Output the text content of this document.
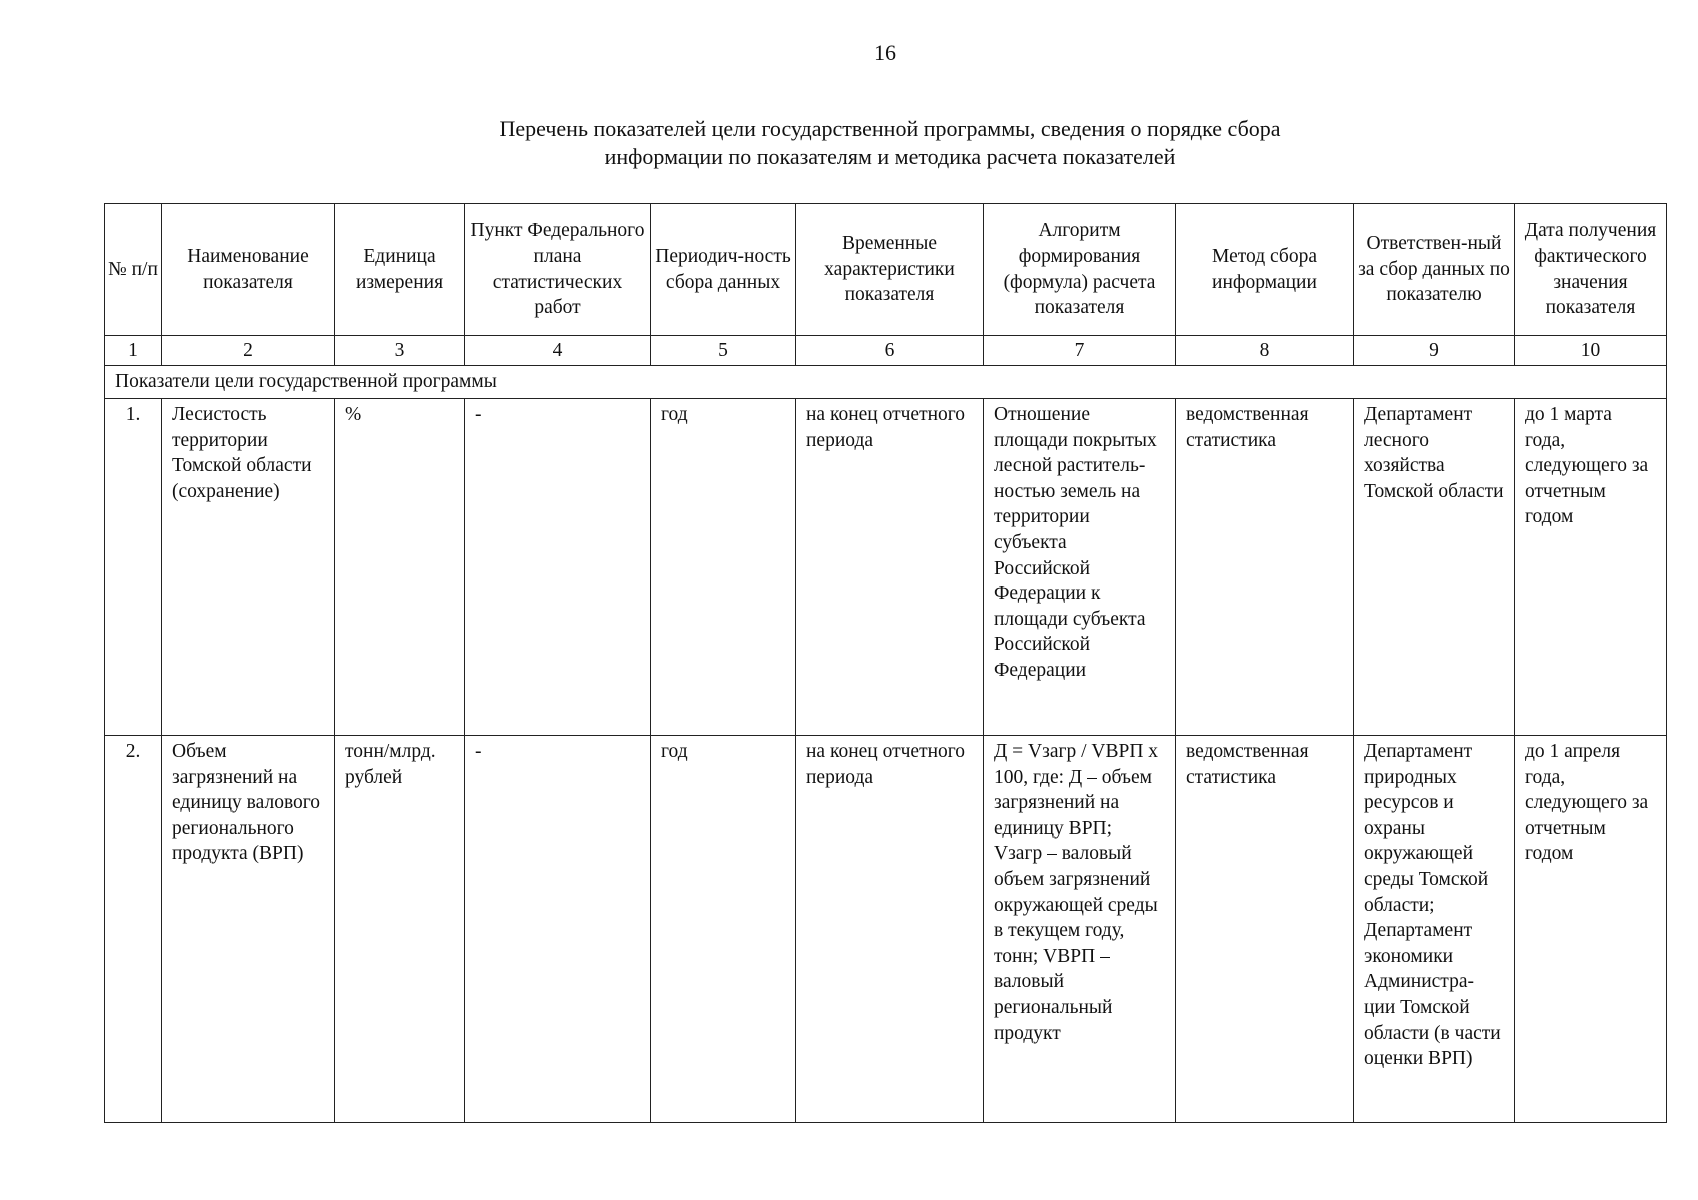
16
Перечень показателей цели государственной программы, сведения о порядке сбора
информации по показателям и методика расчета показателей
№ п/п	Наименование показателя	Единица измерения	Пункт Федерального плана статистических работ	Периодич-ность сбора данных	Временные характеристики показателя	Алгоритм формирования (формула) расчета показателя	Метод сбора информации	Ответствен-ный за сбор данных по показателю	Дата получения фактического значения показателя
1	2	3	4	5	6	7	8	9	10
Показатели цели государственной программы									
1.	Лесистость территории Томской области (сохранение)	%	-	год	на конец отчетного периода	Отношение площади покрытых лесной раститель-ностью земель на территории субъекта Российской Федерации к площади субъекта Российской Федерации	ведомственная статистика	Департамент лесного хозяйства Томской области	до 1 марта года, следующего за отчетным годом
2.	Объем загрязнений на единицу валового регионального продукта (ВРП)	тонн/млрд. рублей	-	год	на конец отчетного периода	Д = Vзагр / VВРП х 100, где: Д – объем загрязнений на единицу ВРП; Vзагр – валовый объем загрязнений окружающей среды в текущем году, тонн; VВРП – валовый региональный продукт	ведомственная статистика	Департамент природных ресурсов и охраны окружающей среды Томской области; Департамент экономики Администра-ции Томской области (в части оценки ВРП)	до 1 апреля года, следующего за отчетным годом
